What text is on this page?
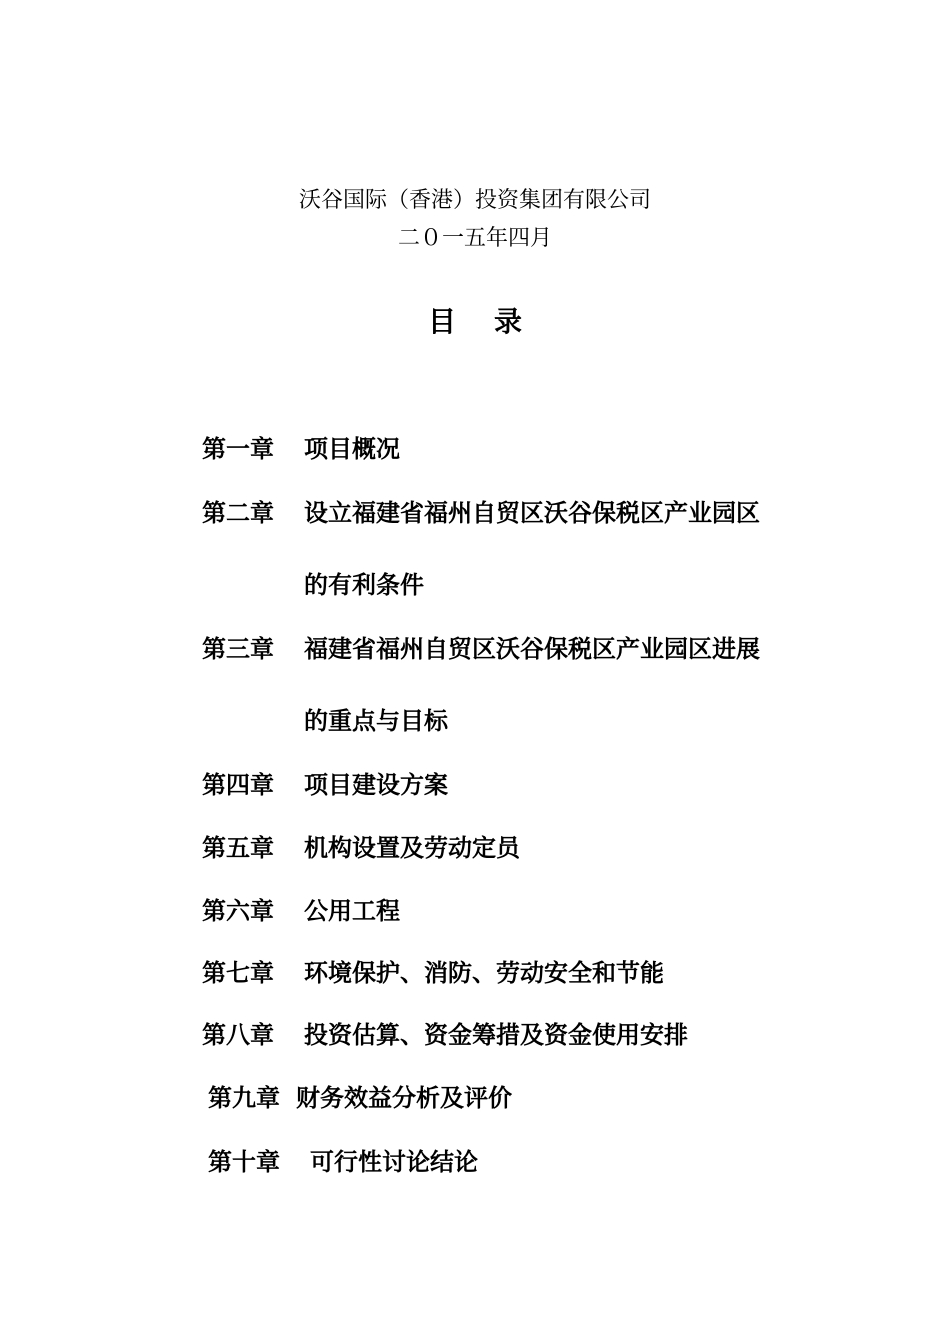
沃谷国际（香港）投资集团有限公司
二０一五年四月
目 录
第一章 项目概况
第二章 设立福建省福州自贸区沃谷保税区产业园区
的有利条件
第三章 福建省福州自贸区沃谷保税区产业园区进展
的重点与目标
第四章 项目建设方案
第五章 机构设置及劳动定员
第六章 公用工程
第七章 环境保护、消防、劳动安全和节能
第八章 投资估算、资金筹措及资金使用安排
第九章 财务效益分析及评价
第十章 可行性讨论结论
